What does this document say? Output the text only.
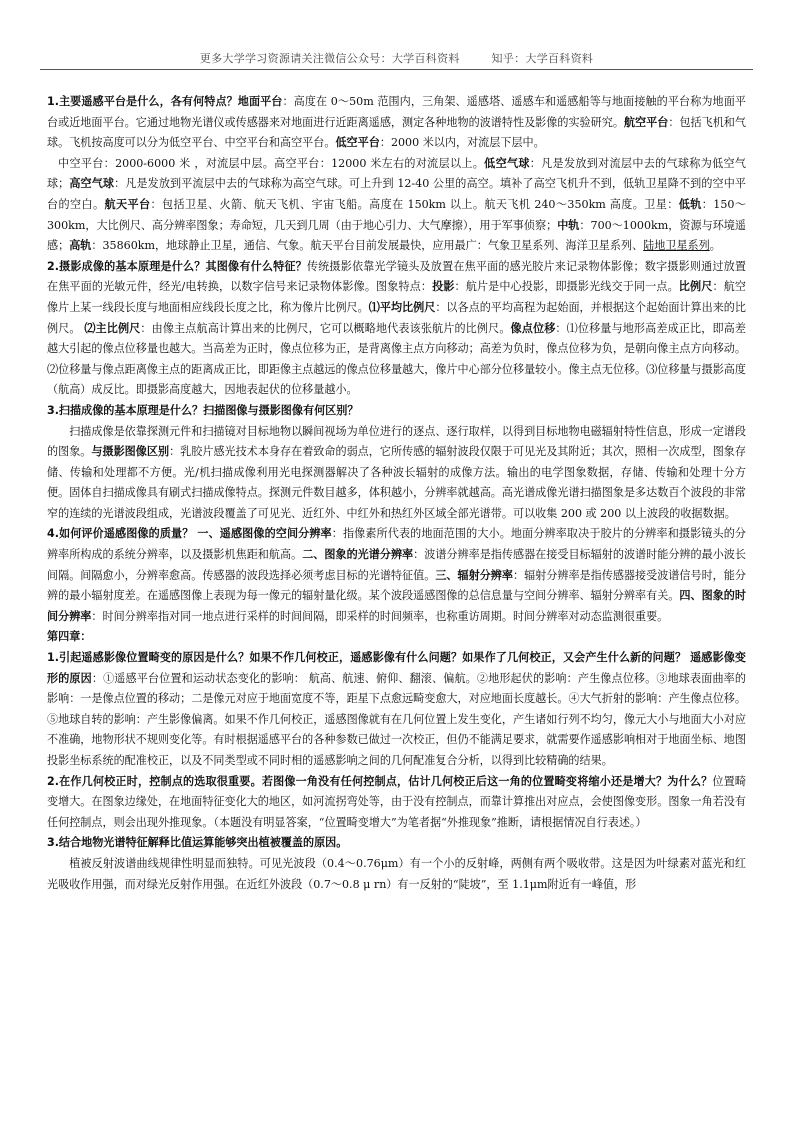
更多大学学习资源请关注微信公众号：大学百科资料	知乎：大学百科资料

1.主要遥感平台是什么，各有何特点？地面平台：高度在 0～50m 范围内，三角架、遥感塔、遥感车和遥感船等与地面接触的平台称为地面平台或近地面平台。它通过地物光谱仪或传感器来对地面进行近距离遥感，测定各种地物的波谱特性及影像的实验研究。航空平台：包括飞机和气球。飞机按高度可以分为低空平台、中空平台和高空平台。低空平台：2000 米以内，对流层下层中。

中空平台：2000-6000 米 ，对流层中层。高空平台：12000 米左右的对流层以上。低空气球：凡是发放到对流层中去的气球称为低空气球；高空气球：凡是发放到平流层中去的气球称为高空气球。可上升到 12-40 公里的高空。填补了高空飞机升不到，低轨卫星降不到的空中平台的空白。航天平台：包括卫星、火箭、航天飞机、宇宙飞船。高度在 150km 以上。航天飞机 240～350km 高度。卫星：低轨：150～300km，大比例尺、高分辨率图象；寿命短，几天到几周（由于地心引力、大气摩擦），用于军事侦察；中轨：700～1000km，资源与环境遥感；高轨：35860km，地球静止卫星，通信、气象。航天平台目前发展最快，应用最广：气象卫星系列、海洋卫星系列、陆地卫星系列。

2.摄影成像的基本原理是什么？其图像有什么特征？传统摄影依靠光学镜头及放置在焦平面的感光胶片来记录物体影像；数字摄影则通过放置在焦平面的光敏元件，经光/电转换，以数字信号来记录物体影像。图象特点：投影：航片是中心投影，即摄影光线交于同一点。比例尺：航空像片上某一线段长度与地面相应线段长度之比，称为像片比例尺。⑴平均比例尺：以各点的平均高程为起始面，并根据这个起始面计算出来的比例尺。 ⑵主比例尺：由像主点航高计算出来的比例尺，它可以概略地代表该张航片的比例尺。像点位移：⑴位移量与地形高差成正比，即高差越大引起的像点位移量也越大。当高差为正时，像点位移为正，是背离像主点方向移动；高差为负时，像点位移为负，是朝向像主点方向移动。⑵位移量与像点距离像主点的距离成正比，即距像主点越远的像点位移量越大，像片中心部分位移量较小。像主点无位移。⑶位移量与摄影高度（航高）成反比。即摄影高度越大，因地表起伏的位移量越小。

3.扫描成像的基本原理是什么？扫描图像与摄影图像有何区别？

扫描成像是依靠探测元件和扫描镜对目标地物以瞬间视场为单位进行的逐点、逐行取样，以得到目标地物电磁辐射特性信息，形成一定谱段的图象。与摄影图像区别：乳胶片感光技术本身存在着致命的弱点，它所传感的辐射波段仅限于可见光及其附近；其次，照相一次成型，图象存储、传输和处理都不方便。光/机扫描成像利用光电探测器解决了各种波长辐射的成像方法。输出的电学图象数据，存储、传输和处理十分方便。固体自扫描成像具有刷式扫描成像特点。探测元件数目越多，体积越小，分辨率就越高。高光谱成像光谱扫描图象是多达数百个波段的非常窄的连续的光谱波段组成，光谱波段覆盖了可见光、近红外、中红外和热红外区域全部光谱带。可以收集 200 或 200 以上波段的收据数据。

4.如何评价遥感图像的质量？ 一、遥感图像的空间分辨率：指像素所代表的地面范围的大小。地面分辨率取决于胶片的分辨率和摄影镜头的分辨率所构成的系统分辨率，以及摄影机焦距和航高。二、图象的光谱分辨率：波谱分辨率是指传感器在接受目标辐射的波谱时能分辨的最小波长间隔。间隔愈小，分辨率愈高。传感器的波段选择必须考虑目标的光谱特征值。三、辐射分辨率：辐射分辨率是指传感器接受波谱信号时，能分辨的最小辐射度差。在遥感图像上表现为每一像元的辐射量化级。某个波段遥感图像的总信息量与空间分辨率、辐射分辨率有关。四、图象的时间分辨率：时间分辨率指对同一地点进行采样的时间间隔，即采样的时间频率，也称重访周期。时间分辨率对动态监测很重要。

第四章：

1.引起遥感影像位置畸变的原因是什么？如果不作几何校正，遥感影像有什么问题？如果作了几何校正，又会产生什么新的问题？ 遥感影像变形的原因：①遥感平台位置和运动状态变化的影响： 航高、航速、俯仰、翻滚、偏航。②地形起伏的影响：产生像点位移。③地球表面曲率的影响：一是像点位置的移动；二是像元对应于地面宽度不等，距星下点愈远畸变愈大，对应地面长度越长。④大气折射的影响：产生像点位移。⑤地球自转的影响：产生影像偏离。如果不作几何校正，遥感图像就有在几何位置上发生变化，产生诸如行列不均匀，像元大小与地面大小对应不准确，地物形状不规则变化等。有时根据遥感平台的各种参数已做过一次校正，但仍不能满足要求，就需要作遥感影响相对于地面坐标、地图投影坐标系统的配准校正，以及不同类型或不同时相的遥感影响之间的几何配准复合分析，以得到比较精确的结果。

2.在作几何校正时，控制点的选取很重要。若图像一角没有任何控制点，估计几何校正后这一角的位置畸变将缩小还是增大？为什么？位置畸变增大。在图象边缘处，在地面特征变化大的地区，如河流拐弯处等，由于没有控制点，而靠计算推出对应点，会使图像变形。图象一角若没有任何控制点，则会出现外推现象。（本题没有明显答案，“位置畸变增大”为笔者据“外推现象”推断，请根据情况自行表述。）

3.结合地物光谱特征解释比值运算能够突出植被覆盖的原因。

植被反射波谱曲线规律性明显而独特。可见光波段（0.4～0.76μm）有一个小的反射峰，两侧有两个吸收带。这是因为叶绿素对蓝光和红光吸收作用强，而对绿光反射作用强。在近红外波段（0.7～0.8 μ rn）有一反射的“陡坡”，至 1.1μm附近有一峰值，形
